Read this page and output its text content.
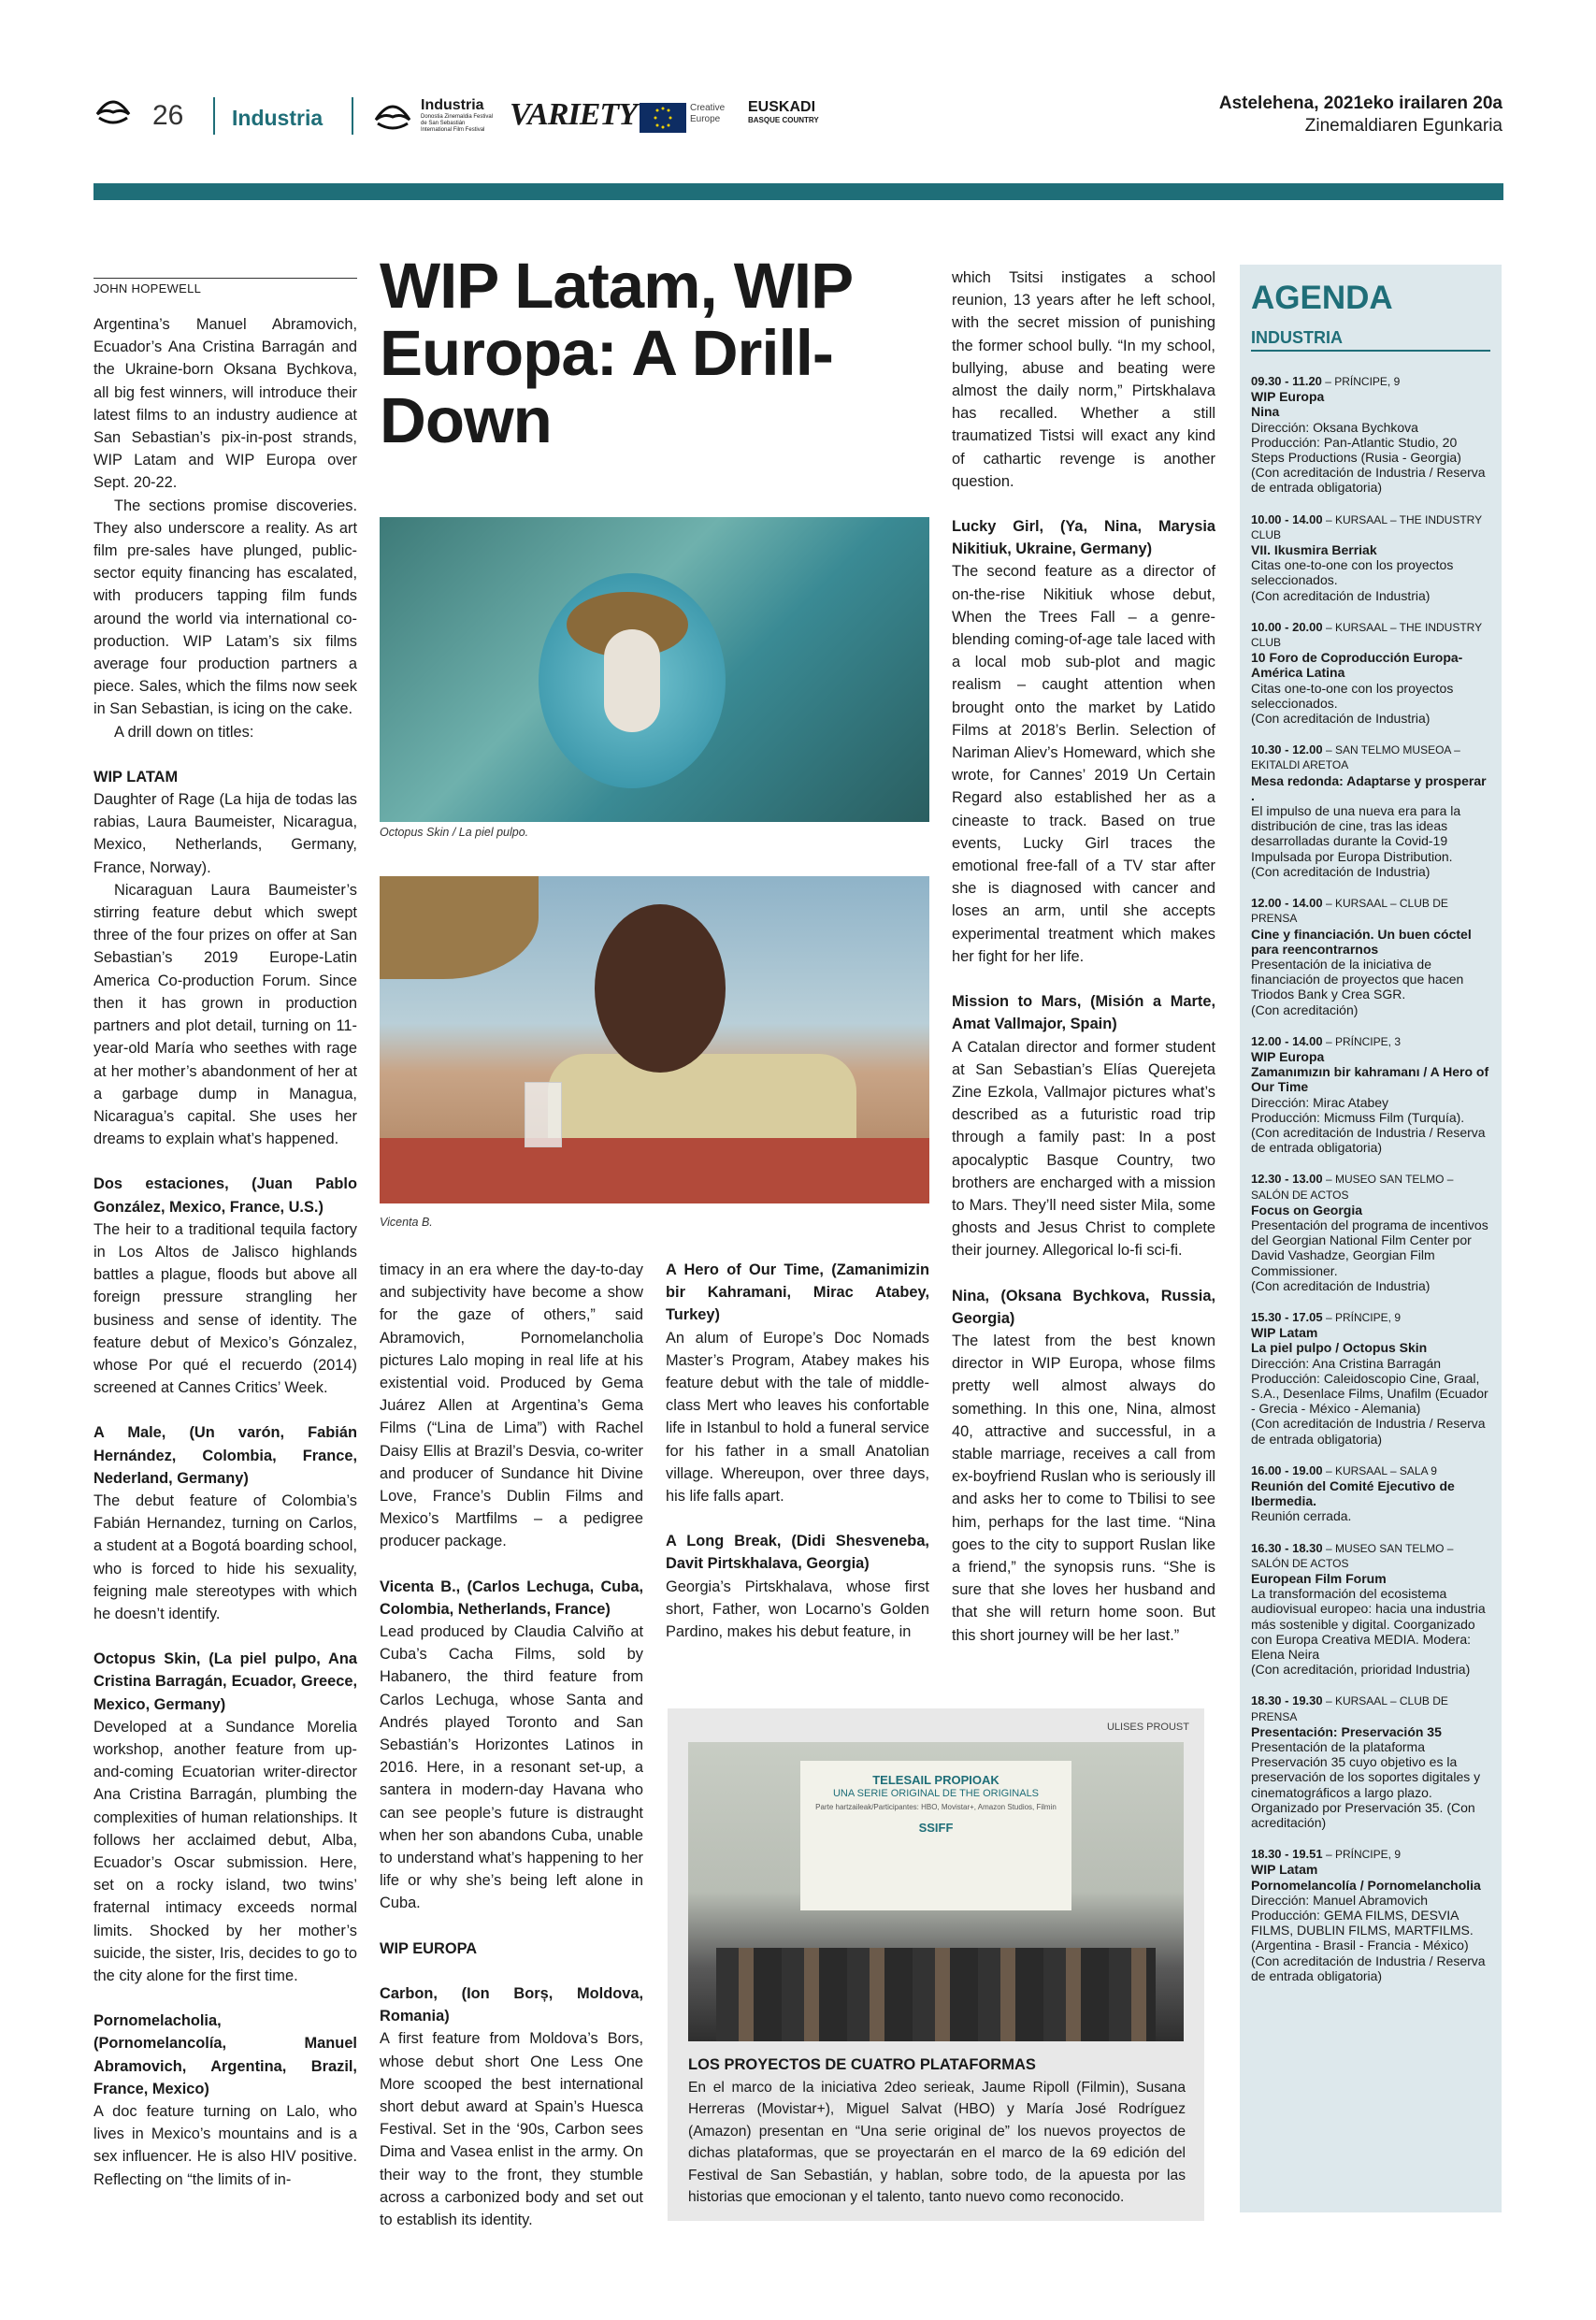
26 Industria
Industria
Donostia Zinemaldia Festival de San Sebastián International Film Festival VARIETY	Creative Europe
EUSKADI
BASQUE COUNTRY
Astelehena, 2021eko irailaren 20a
Zinemaldiaren Egunkaria
JOHN HOPEWELL	WIP Latam, WIP Europa: A Drill-Down

Argentina’s Manuel Abramovich, Ecuador’s Ana Cristina Barragán and the Ukraine-born Oksana Bychkova, all big fest winners, will introduce their latest films to an industry audience at San Sebastian’s pix-in-post strands, WIP Latam and WIP Europa over Sept. 20-22.

The sections promise discoveries. They also underscore a reality. As art film pre-sales have plunged, public-sector equity financing has escalated, with producers tapping film funds around the world via international co-production. WIP Latam’s six films average four production partners a piece. Sales, which the films now seek in San Sebastian, is icing on the cake.

A drill down on titles:

WIP LATAM

Daughter of Rage (La hija de todas las rabias, Laura Baumeister, Nicaragua, Mexico, Netherlands, Germany, France, Norway).

Nicaraguan Laura Baumeister’s stirring feature debut which swept three of the four prizes on offer at San Sebastian’s 2019 Europe-Latin America Co-production Forum. Since then it has grown in production partners and plot detail, turning on 11-year-old María who seethes with rage at her mother’s abandonment of her at a garbage dump in Managua, Nicaragua’s capital. She uses her dreams to explain what’s happened.

Dos estaciones, (Juan Pablo González, Mexico, France, U.S.)

The heir to a traditional tequila factory in Los Altos de Jalisco highlands battles a plague, floods but above all foreign pressure strangling her business and sense of identity. The feature debut of Mexico’s Gónzalez, whose Por qué el recuerdo (2014) screened at Cannes Critics’ Week.

A Male, (Un varón, Fabián Hernández, Colombia, France, Nederland, Germany)

The debut feature of Colombia’s Fabián Hernandez, turning on Carlos, a student at a Bogotá boarding school, who is forced to hide his sexuality, feigning male stereotypes with which he doesn’t identify.

Octopus Skin, (La piel pulpo, Ana Cristina Barragán, Ecuador, Greece, Mexico, Germany)

Developed at a Sundance Morelia workshop, another feature from up-and-coming Ecuatorian writer-director Ana Cristina Barragán, plumbing the complexities of human relationships. It follows her acclaimed debut, Alba, Ecuador’s Oscar submission. Here, set on a rocky island, two twins’ fraternal intimacy exceeds normal limits. Shocked by her mother’s suicide, the sister, Iris, decides to go to the city alone for the first time.

Pornomelacholia, (Pornomelancolía, Manuel Abramovich, Argentina, Brazil, France, Mexico)

A doc feature turning on Lalo, who lives in Mexico’s mountains and is a sex influencer. He is also HIV positive. Reflecting on “the limits of in-

timacy in an era where the day-to-day and subjectivity have become a show for the gaze of others,” said Abramovich, Pornomelancholia pictures Lalo moping in real life at his existential void. Produced by Gema Juárez Allen at Argentina’s Gema Films (“Lina de Lima”) with Rachel Daisy Ellis at Brazil’s Desvia, co-writer and producer of Sundance hit Divine Love, France’s Dublin Films and Mexico’s Martfilms – a pedigree producer package.

Vicenta B., (Carlos Lechuga, Cuba, Colombia, Netherlands, France)

Lead produced by Claudia Calviño at Cuba’s Cacha Films, sold by Habanero, the third feature from Carlos Lechuga, whose Santa and Andrés played Toronto and San Sebastián’s Horizontes Latinos in 2016. Here, in a resonant set-up, a santera in modern-day Havana who can see people’s future is distraught when her son abandons Cuba, unable to understand what’s happening to her life or why she’s being left alone in Cuba.

WIP EUROPA

Carbon, (Ion Borș, Moldova, Romania)

A first feature from Moldova’s Bors, whose debut short One Less One More scooped the best international short debut award at Spain’s Huesca Festival. Set in the ‘90s, Carbon sees Dima and Vasea enlist in the army. On their way to the front, they stumble across a carbonized body and set out to establish its identity.

A Hero of Our Time, (Zamanimizin bir Kahramani, Mirac Atabey, Turkey)

An alum of Europe’s Doc Nomads Master’s Program, Atabey makes his feature debut with the tale of middle-class Mert who leaves his confortable life in Istanbul to hold a funeral service for his father in a small Anatolian village. Whereupon, over three days, his life falls apart.

A Long Break, (Didi Shesveneba, Davit Pirtskhalava, Georgia)

Georgia’s Pirtskhalava, whose first short, Father, won Locarno’s Golden Pardino, makes his debut feature, in

which Tsitsi instigates a school reunion, 13 years after he left school, with the secret mission of punishing the former school bully. “In my school, bullying, abuse and beating were almost the daily norm,” Pirtskhalava has recalled. Whether a still traumatized Tistsi will exact any kind of cathartic revenge is another question.

Lucky Girl, (Ya, Nina, Marysia Nikitiuk, Ukraine, Germany)

The second feature as a director of on-the-rise Nikitiuk whose debut, When the Trees Fall – a genre-blending coming-of-age tale laced with a local mob sub-plot and magic realism – caught attention when brought onto the market by Latido Films at 2018’s Berlin. Selection of Nariman Aliev’s Homeward, which she wrote, for Cannes’ 2019 Un Certain Regard also established her as a cineaste to track. Based on true events, Lucky Girl traces the emotional free-fall of a TV star after she is diagnosed with cancer and loses an arm, until she accepts experimental treatment which makes her fight for her life.

Mission to Mars, (Misión a Marte, Amat Vallmajor, Spain)

A Catalan director and former student at San Sebastian’s Elías Querejeta Zine Ezkola, Vallmajor pictures what’s described as a futuristic road trip through a family past: In a post apocalyptic Basque Country, two brothers are encharged with a mission to Mars. They’ll need sister Mila, some ghosts and Jesus Christ to complete their journey. Allegorical lo-fi sci-fi.

Nina, (Oksana Bychkova, Russia, Georgia)

The latest from the best known director in WIP Europa, whose films pretty well almost always do something. In this one, Nina, almost 40, attractive and successful, in a stable marriage, receives a call from ex-boyfriend Ruslan who is seriously ill and asks her to come to Tbilisi to see him, perhaps for the last time. “Nina goes to the city to support Ruslan like a friend,” the synopsis runs. “She is sure that she loves her husband and that she will return home soon. But this short journey will be her last.”

Octopus Skin / La piel pulpo.
Vicenta B.
ULISES PROUST
TELESAIL PROPIOAK
UNA SERIE ORIGINAL DE THE ORIGINALS
Parte hartzaileak/Participantes: HBO, Movistar+, Amazon Studios, Filmin

SSIFF
LOS PROYECTOS DE CUATRO PLATAFORMAS
En el marco de la iniciativa 2deo serieak, Jaume Ripoll (Filmin), Susana Herreras (Movistar+), Miguel Salvat (HBO) y María José Rodríguez (Amazon) presentan en “Una serie original de” los nuevos proyectos de dichas plataformas, que se proyectarán en el marco de la 69 edición del Festival de San Sebastián, y hablan, sobre todo, de la apuesta por las historias que emocionan y el talento, tanto nuevo como reconocido.
AGENDA
INDUSTRIA
09.30 - 11.20 – PRÍNCIPE, 9
WIP Europa
Nina
Dirección: Oksana Bychkova
Producción: Pan-Atlantic Studio, 20 Steps Productions (Rusia - Georgia)
(Con acreditación de Industria / Reserva de entrada obligatoria)
10.00 - 14.00 – KURSAAL – THE INDUSTRY CLUB
VII. Ikusmira Berriak
Citas one-to-one con los proyectos seleccionados.
(Con acreditación de Industria)
10.00 - 20.00 – KURSAAL – THE INDUSTRY CLUB
10 Foro de Coproducción Europa-América Latina
Citas one-to-one con los proyectos seleccionados.
(Con acreditación de Industria)
10.30 - 12.00 – SAN TELMO MUSEOA – EKITALDI ARETOA
Mesa redonda: Adaptarse y prosperar .
El impulso de una nueva era para la distribución de cine, tras las ideas desarrolladas durante la Covid-19 Impulsada por Europa Distribution.
(Con acreditación de Industria)
12.00 - 14.00 – KURSAAL – CLUB DE PRENSA
Cine y financiación. Un buen cóctel para reencontrarnos
Presentación de la iniciativa de financiación de proyectos que hacen Triodos Bank y Crea SGR.
(Con acreditación)
12.00 - 14.00 – PRÍNCIPE, 3
WIP Europa
Zamanımızın bir kahramanı / A Hero of Our Time
Dirección: Mirac Atabey
Producción: Micmuss Film (Turquía).
(Con acreditación de Industria / Reserva de entrada obligatoria)
12.30 - 13.00 – MUSEO SAN TELMO – SALÓN DE ACTOS
Focus on Georgia
Presentación del programa de incentivos del Georgian National Film Center por David Vashadze, Georgian Film Commissioner.
(Con acreditación de Industria)
15.30 - 17.05 – PRÍNCIPE, 9
WIP Latam
La piel pulpo / Octopus Skin
Dirección: Ana Cristina Barragán
Producción: Caleidoscopio Cine, Graal, S.A., Desenlace Films, Unafilm (Ecuador - Grecia - México - Alemania)
(Con acreditación de Industria / Reserva de entrada obligatoria)
16.00 - 19.00 – KURSAAL – SALA 9
Reunión del Comité Ejecutivo de Ibermedia.
Reunión cerrada.
16.30 - 18.30 – MUSEO SAN TELMO – SALÓN DE ACTOS
European Film Forum
La transformación del ecosistema audiovisual europeo: hacia una industria más sostenible y digital. Coorganizado con Europa Creativa MEDIA. Modera: Elena Neira
(Con acreditación, prioridad Industria)
18.30 - 19.30 – KURSAAL – CLUB DE PRENSA
Presentación: Preservación 35
Presentación de la plataforma Preservación 35 cuyo objetivo es la preservación de los soportes digitales y cinematográficos a largo plazo. Organizado por Preservación 35. (Con acreditación)
18.30 - 19.51 – PRÍNCIPE, 9
WIP Latam
Pornomelancolía / Pornomelancholia
Dirección: Manuel Abramovich
Producción: GEMA FILMS, DESVIA FILMS, DUBLIN FILMS, MARTFILMS. (Argentina - Brasil - Francia - México)
(Con acreditación de Industria / Reserva de entrada obligatoria)
